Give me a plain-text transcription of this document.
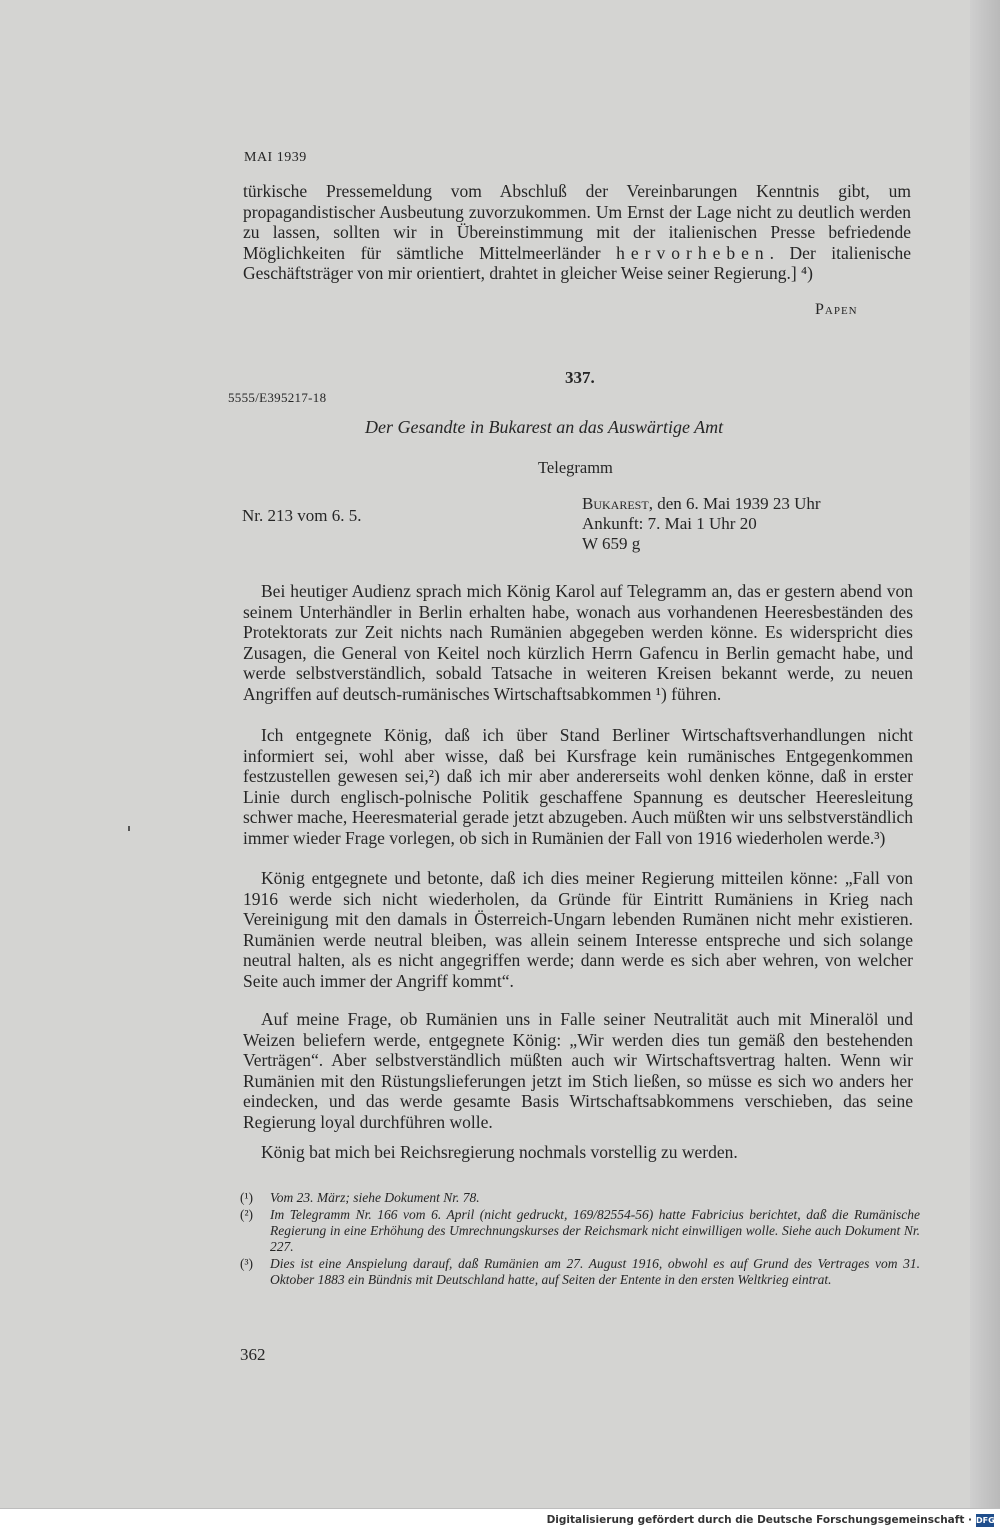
MAI 1939

türkische Pressemeldung vom Abschluß der Vereinbarungen Kenntnis gibt, um propagandistischer Ausbeutung zuvorzukommen. Um Ernst der Lage nicht zu deutlich werden zu lassen, sollten wir in Übereinstimmung mit der italienischen Presse befriedende Möglichkeiten für sämtliche Mittelmeerländer hervorheben. Der italienische Geschäftsträger von mir orientiert, drahtet in gleicher Weise seiner Regierung.] ⁴)

Papen
337.
5555/E395217-18
Der Gesandte in Bukarest an das Auswärtige Amt
Telegramm
Nr. 213 vom 6. 5.
Bukarest, den 6. Mai 1939 23 Uhr
Ankunft: 7. Mai 1 Uhr 20
W 659 g

Bei heutiger Audienz sprach mich König Karol auf Telegramm an, das er gestern abend von seinem Unterhändler in Berlin erhalten habe, wonach aus vorhandenen Heeresbeständen des Protektorats zur Zeit nichts nach Rumänien abgegeben werden könne. Es widerspricht dies Zusagen, die General von Keitel noch kürzlich Herrn Gafencu in Berlin gemacht habe, und werde selbstverständlich, sobald Tatsache in weiteren Kreisen bekannt werde, zu neuen Angriffen auf deutsch-rumänisches Wirtschaftsabkommen ¹) führen.

Ich entgegnete König, daß ich über Stand Berliner Wirtschaftsverhandlungen nicht informiert sei, wohl aber wisse, daß bei Kursfrage kein rumänisches Entgegenkommen festzustellen gewesen sei,²) daß ich mir aber andererseits wohl denken könne, daß in erster Linie durch englisch-polnische Politik geschaffene Spannung es deutscher Heeresleitung schwer mache, Heeresmaterial gerade jetzt abzugeben. Auch müßten wir uns selbstverständlich immer wieder Frage vorlegen, ob sich in Rumänien der Fall von 1916 wiederholen werde.³)

König entgegnete und betonte, daß ich dies meiner Regierung mitteilen könne: „Fall von 1916 werde sich nicht wiederholen, da Gründe für Eintritt Rumäniens in Krieg nach Vereinigung mit den damals in Österreich-Ungarn lebenden Rumänen nicht mehr existieren. Rumänien werde neutral bleiben, was allein seinem Interesse entspreche und sich solange neutral halten, als es nicht angegriffen werde; dann werde es sich aber wehren, von welcher Seite auch immer der Angriff kommt“.

Auf meine Frage, ob Rumänien uns in Falle seiner Neutralität auch mit Mineralöl und Weizen beliefern werde, entgegnete König: „Wir werden dies tun gemäß den bestehenden Verträgen“. Aber selbstverständlich müßten auch wir Wirtschaftsvertrag halten. Wenn wir Rumänien mit den Rüstungslieferungen jetzt im Stich ließen, so müsse es sich wo anders her eindecken, und das werde gesamte Basis Wirtschaftsabkommens verschieben, das seine Regierung loyal durchführen wolle.

König bat mich bei Reichsregierung nochmals vorstellig zu werden.

(¹)	Vom 23. März; siehe Dokument Nr. 78.
(²)	Im Telegramm Nr. 166 vom 6. April (nicht gedruckt, 169/82554-56) hatte Fabricius berichtet, daß die Rumänische Regierung in eine Erhöhung des Umrechnungskurses der Reichsmark nicht einwilligen wolle. Siehe auch Dokument Nr. 227.
(³)	Dies ist eine Anspielung darauf, daß Rumänien am 27. August 1916, obwohl es auf Grund des Vertrages vom 31. Oktober 1883 ein Bündnis mit Deutschland hatte, auf Seiten der Entente in den ersten Weltkrieg eintrat.
362
Digitalisierung gefördert durch die Deutsche Forschungsgemeinschaft · DFG
